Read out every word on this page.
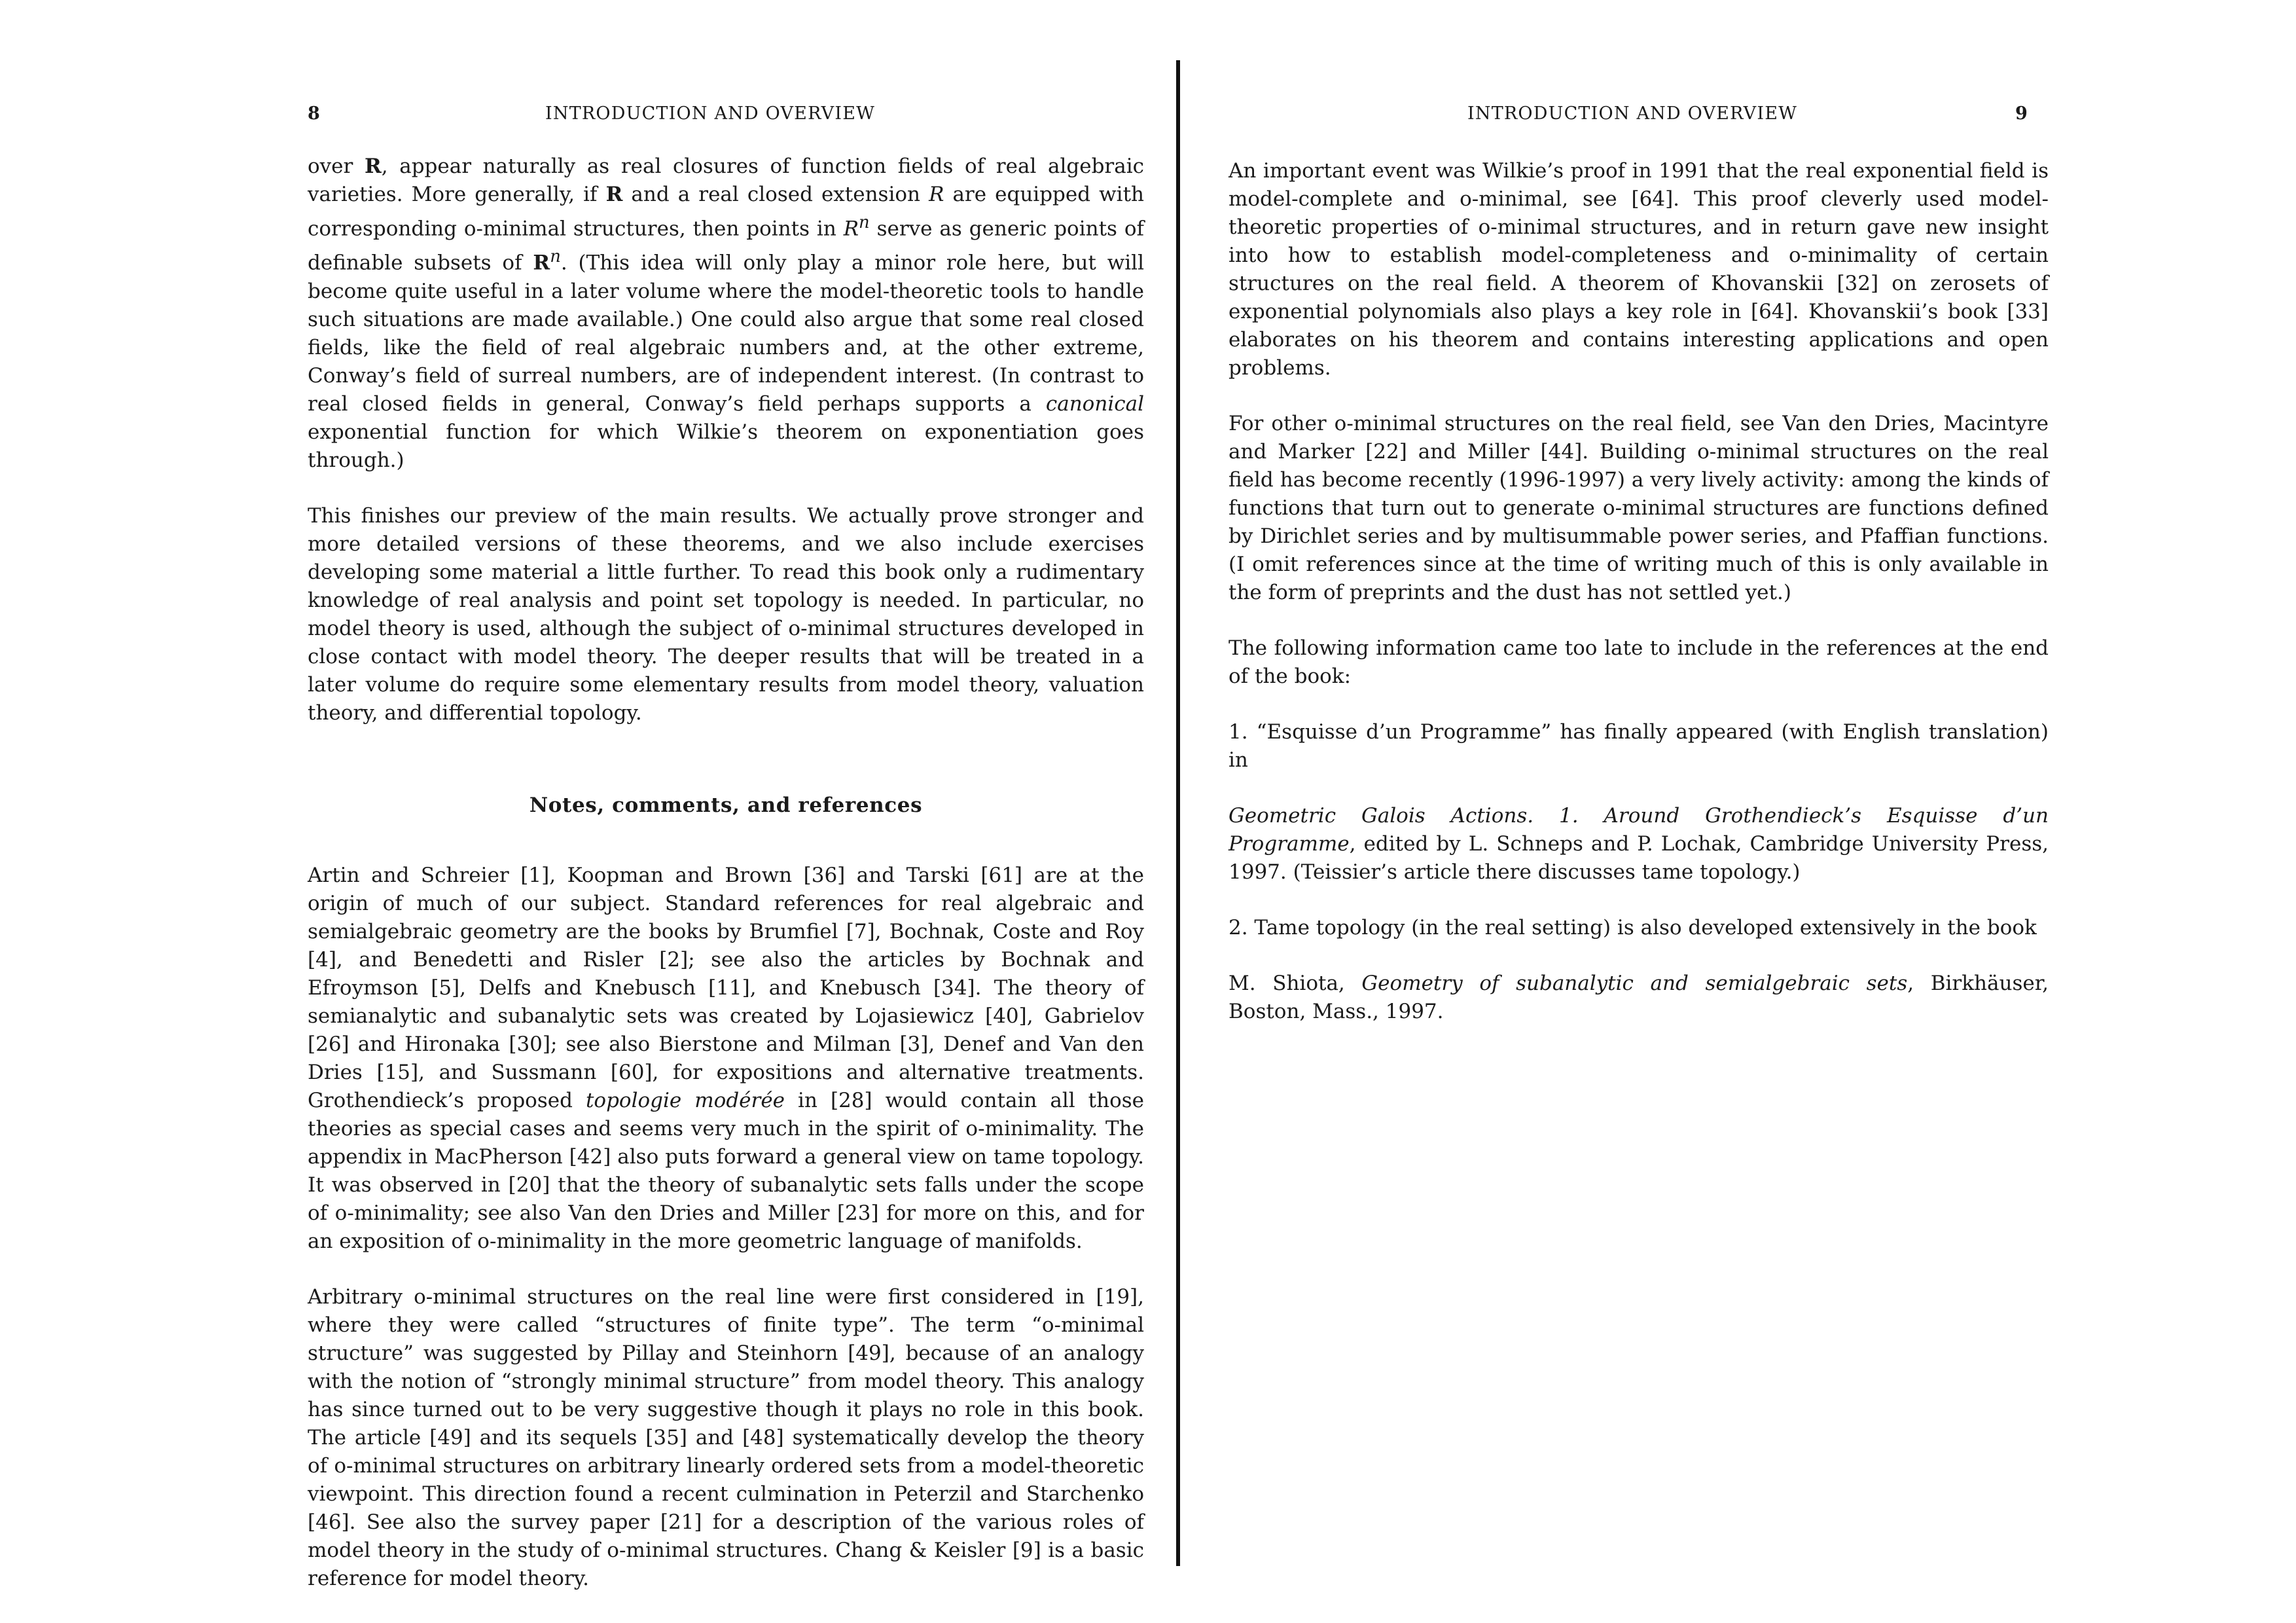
8	INTRODUCTION AND OVERVIEW

over R, appear naturally as real closures of function fields of real algebraic varieties. More generally, if R and a real closed extension R are equipped with corresponding o-minimal structures, then points in $R^n$ serve as generic points of definable subsets of $R^n$. (This idea will only play a minor role here, but will become quite useful in a later volume where the model-theoretic tools to handle such situations are made available.) One could also argue that some real closed fields, like the field of real algebraic numbers and, at the other extreme, Conway’s field of surreal numbers, are of independent interest. (In contrast to real closed fields in general, Conway’s field perhaps supports a canonical exponential function for which Wilkie’s theorem on exponentiation goes through.)

This finishes our preview of the main results. We actually prove stronger and more detailed versions of these theorems, and we also include exercises developing some material a little further. To read this book only a rudimentary knowledge of real analysis and point set topology is needed. In particular, no model theory is used, although the subject of o-minimal structures developed in close contact with model theory. The deeper results that will be treated in a later volume do require some elementary results from model theory, valuation theory, and differential topology.

Notes, comments, and references

Artin and Schreier [1], Koopman and Brown [36] and Tarski [61] are at the origin of much of our subject. Standard references for real algebraic and semialgebraic geometry are the books by Brumfiel [7], Bochnak, Coste and Roy [4], and Benedetti and Risler [2]; see also the articles by Bochnak and Efroymson [5], Delfs and Knebusch [11], and Knebusch [34]. The theory of semianalytic and subanalytic sets was created by Lojasiewicz [40], Gabrielov [26] and Hironaka [30]; see also Bierstone and Milman [3], Denef and Van den Dries [15], and Sussmann [60], for expositions and alternative treatments. Grothendieck’s proposed topologie modérée in [28] would contain all those theories as special cases and seems very much in the spirit of o-minimality. The appendix in MacPherson [42] also puts forward a general view on tame topology. It was observed in [20] that the theory of subanalytic sets falls under the scope of o-minimality; see also Van den Dries and Miller [23] for more on this, and for an exposition of o-minimality in the more geometric language of manifolds.

Arbitrary o-minimal structures on the real line were first considered in [19], where they were called “structures of finite type”. The term “o-minimal structure” was suggested by Pillay and Steinhorn [49], because of an analogy with the notion of “strongly minimal structure” from model theory. This analogy has since turned out to be very suggestive though it plays no role in this book. The article [49] and its sequels [35] and [48] systematically develop the theory of o-minimal structures on arbitrary linearly ordered sets from a model-theoretic viewpoint. This direction found a recent culmination in Peterzil and Starchenko [46]. See also the survey paper [21] for a description of the various roles of model theory in the study of o-minimal structures. Chang & Keisler [9] is a basic reference for model theory.

INTRODUCTION AND OVERVIEW	9

An important event was Wilkie’s proof in 1991 that the real exponential field is model-complete and o-minimal, see [64]. This proof cleverly used model-theoretic properties of o-minimal structures, and in return gave new insight into how to establish model-completeness and o-minimality of certain structures on the real field. A theorem of Khovanskii [32] on zerosets of exponential polynomials also plays a key role in [64]. Khovanskii’s book [33] elaborates on his theorem and contains interesting applications and open problems.

For other o-minimal structures on the real field, see Van den Dries, Macintyre and Marker [22] and Miller [44]. Building o-minimal structures on the real field has become recently (1996-1997) a very lively activity: among the kinds of functions that turn out to generate o-minimal structures are functions defined by Dirichlet series and by multisummable power series, and Pfaffian functions. (I omit references since at the time of writing much of this is only available in the form of preprints and the dust has not settled yet.)

The following information came too late to include in the references at the end of the book:

1. “Esquisse d’un Programme” has finally appeared (with English translation) in

Geometric Galois Actions. 1. Around Grothendieck’s Esquisse d’un Programme, edited by L. Schneps and P. Lochak, Cambridge University Press, 1997. (Teissier’s article there discusses tame topology.)

2. Tame topology (in the real setting) is also developed extensively in the book

M. Shiota, Geometry of subanalytic and semialgebraic sets, Birkhäuser, Boston, Mass., 1997.
